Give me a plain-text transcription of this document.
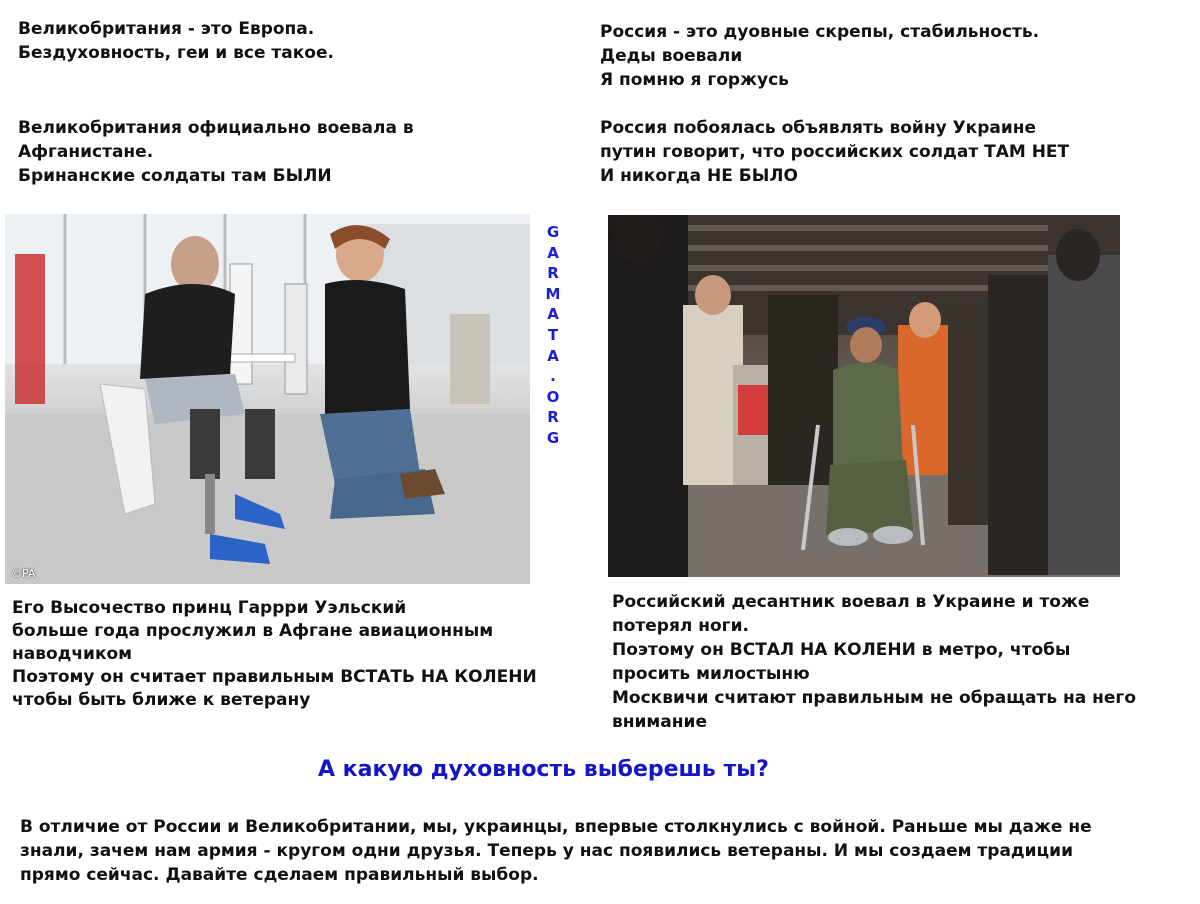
Великобритания - это Европа.
Бездуховность, геи и все такое.
Великобритания официально воевала в
Афганистане.
Бринанские солдаты там БЫЛИ
Россия - это дуовные скрепы, стабильность.
Деды воевали
Я помню я горжусь
Россия побоялась объявлять войну Украине
путин говорит, что российских солдат ТАМ НЕТ
И никогда НЕ БЫЛО
©PA
G
A
R
M
A
T
A
.
O
R
G
Его Высочество принц Гаррри Уэльский
больше года прослужил в Афгане авиационным
наводчиком
Поэтому он считает правильным ВСТАТЬ НА КОЛЕНИ
чтобы быть ближе к ветерану
Российский десантник воевал в Украине и тоже
потерял ноги.
Поэтому он ВСТАЛ НА КОЛЕНИ в метро, чтобы
просить милостыню
Москвичи считают правильным не обращать на него
внимание
А какую духовность выберешь ты?
В отличие от России и Великобритании, мы, украинцы, впервые столкнулись с войной. Раньше мы даже не
знали, зачем нам армия - кругом одни друзья. Теперь у нас появились ветераны. И мы создаем традиции
прямо сейчас. Давайте сделаем правильный выбор.
